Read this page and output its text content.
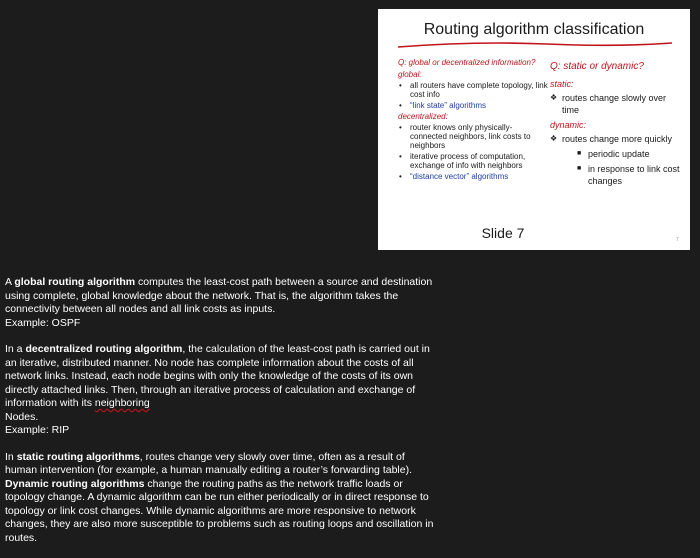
Routing algorithm classification
Q: global or decentralized information?
global:
• all routers have complete topology, link cost info
• “link state” algorithms
decentralized:
• router knows only physically-connected neighbors, link costs to neighbors
• iterative process of computation, exchange of info with neighbors
• “distance vector” algorithms
Q: static or dynamic?
static:
❖ routes change slowly over time
dynamic:
❖ routes change more quickly
■ periodic update
■ in response to link cost changes
Slide 7	7

A global routing algorithm computes the least-cost path between a source and destination using complete, global knowledge about the network. That is, the algorithm takes the connectivity between all nodes and all link costs as inputs.
Example: OSPF

In a decentralized routing algorithm, the calculation of the least-cost path is carried out in an iterative, distributed manner. No node has complete information about the costs of all network links. Instead, each node begins with only the knowledge of the costs of its own directly attached links. Then, through an iterative process of calculation and exchange of information with its neighboring
Nodes.
Example: RIP

In static routing algorithms, routes change very slowly over time, often as a result of human intervention (for example, a human manually editing a router’s forwarding table). Dynamic routing algorithms change the routing paths as the network traffic loads or topology change. A dynamic algorithm can be run either periodically or in direct response to topology or link cost changes. While dynamic algorithms are more responsive to network changes, they are also more susceptible to problems such as routing loops and oscillation in routes.
